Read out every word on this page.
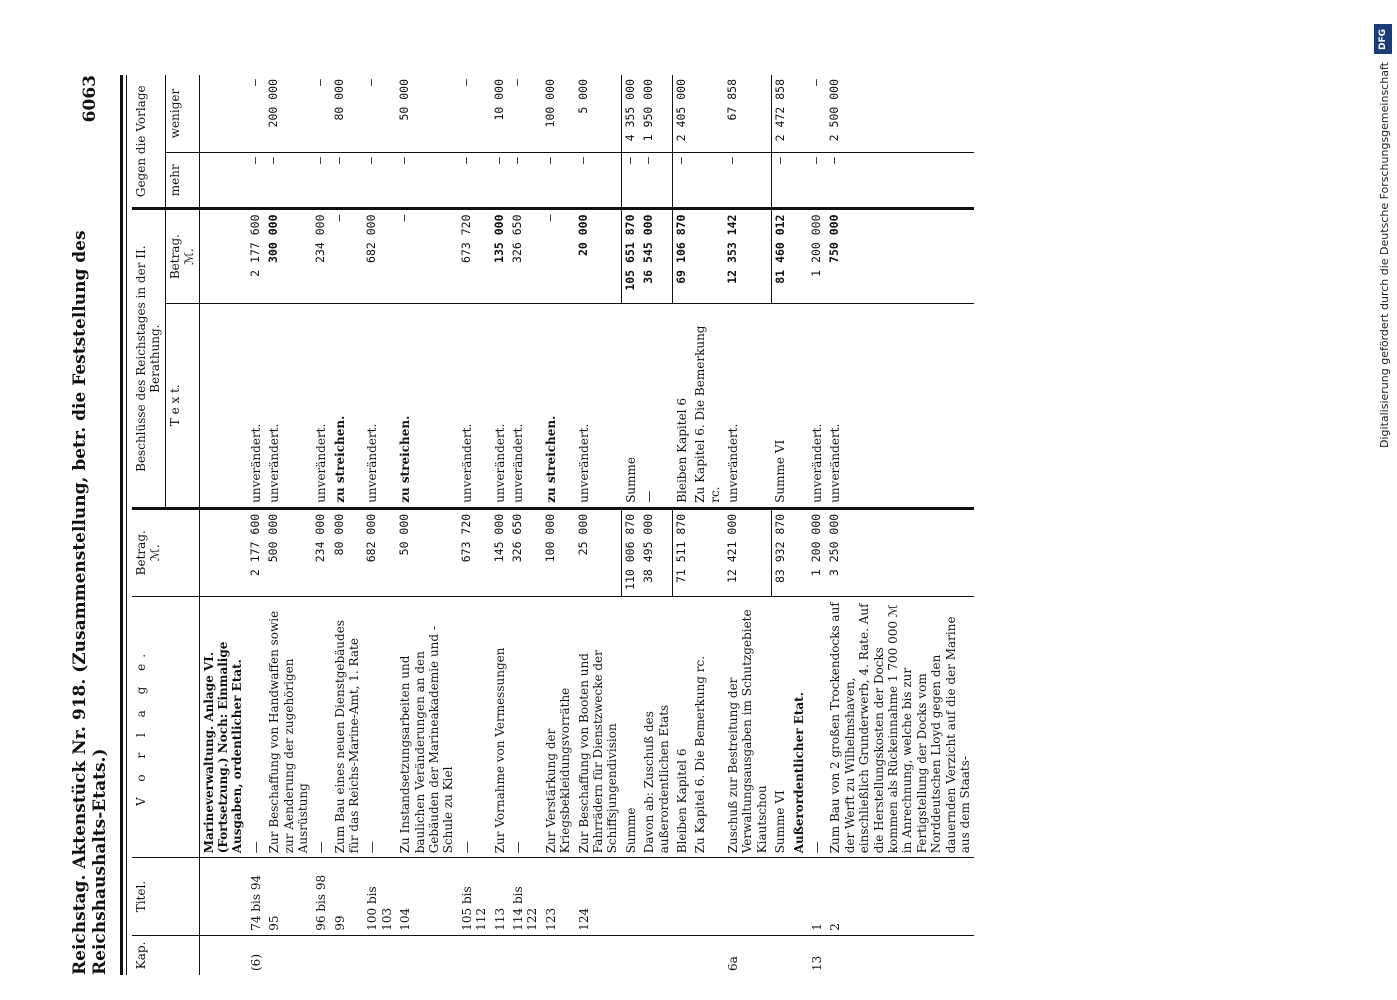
DFG
Digitalisierung gefördert durch die Deutsche Forschungsgemeinschaft
Reichstag. Aktenstück Nr. 918. (Zusammenstellung, betr. die Feststellung des Reichshaushalts-Etats.)
6063
Kap.	Titel.	V o r l a g e.	Betrag.
ℳ.	Beschlüsse des Reichstages in der II. Berathung.		Gegen die Vorlage	
				T e x t.	Betrag.
ℳ.	mehr	weniger
		Marineverwaltung. Anlage VI. (Fortsetzung.) Noch: Einmalige Ausgaben, ordentlicher Etat.					
(6)	74 bis 94	—	2 177 600	unverändert.	2 177 600	—	—
	95	Zur Beschaffung von Handwaffen sowie zur Aenderung der zugehörigen Ausrüstung	500 000	unverändert.	300 000	—	200 000
	96 bis 98	—	234 000	unverändert.	234 000	—	—
	99	Zum Bau eines neuen Dienstgebäudes für das Reichs-Marine-Amt, 1. Rate	80 000	zu streichen.	—	—	80 000
	100 bis 103	—	682 000	unverändert.	682 000	—	—
	104	Zu Instandsetzungsarbeiten und baulichen Veränderungen an den Gebäuden der Marineakademie und -Schule zu Kiel	50 000	zu streichen.	—	—	50 000
	105 bis 112	—	673 720	unverändert.	673 720	—	—
	113	Zur Vornahme von Vermessungen	145 000	unverändert.	135 000	—	10 000
	114 bis 122	—	326 650	unverändert.	326 650	—	—
	123	Zur Verstärkung der Kriegsbekleidungsvorräthe	100 000	zu streichen.	—	—	100 000
	124	Zur Beschaffung von Booten und Fahrrädern für Dienstzwecke der Schiffsjungendivision	25 000	unverändert.	20 000	—	5 000
		Summe	110 006 870	Summe	105 651 870	—	4 355 000
		Davon ab: Zuschuß des außerordentlichen Etats	38 495 000	—	36 545 000	—	1 950 000
		Bleiben Kapitel 6	71 511 870	Bleiben Kapitel 6	69 106 870	—	2 405 000
		Zu Kapitel 6. Die Bemerkung rc.		Zu Kapitel 6. Die Bemerkung rc.			
6a		Zuschuß zur Bestreitung der Verwaltungsausgaben im Schutzgebiete Kiautschou	12 421 000	unverändert.	12 353 142	—	67 858
		Summe VI	83 932 870	Summe VI	81 460 012	—	2 472 858
		Außerordentlicher Etat.					
13	1	—	1 200 000	unverändert.	1 200 000	—	—
	2	Zum Bau von 2 großen Trockendocks auf der Werft zu Wilhelmshaven, einschließlich Grunderwerb, 4. Rate. Auf die Herstellungskosten der Docks kommen als Rückeinnahme 1 700 000 ℳ in Anrechnung, welche bis zur Fertigstellung der Docks vom Norddeutschen Lloyd gegen den dauernden Verzicht auf die der Marine aus dem Staats-	3 250 000	unverändert.	750 000	—	2 500 000
